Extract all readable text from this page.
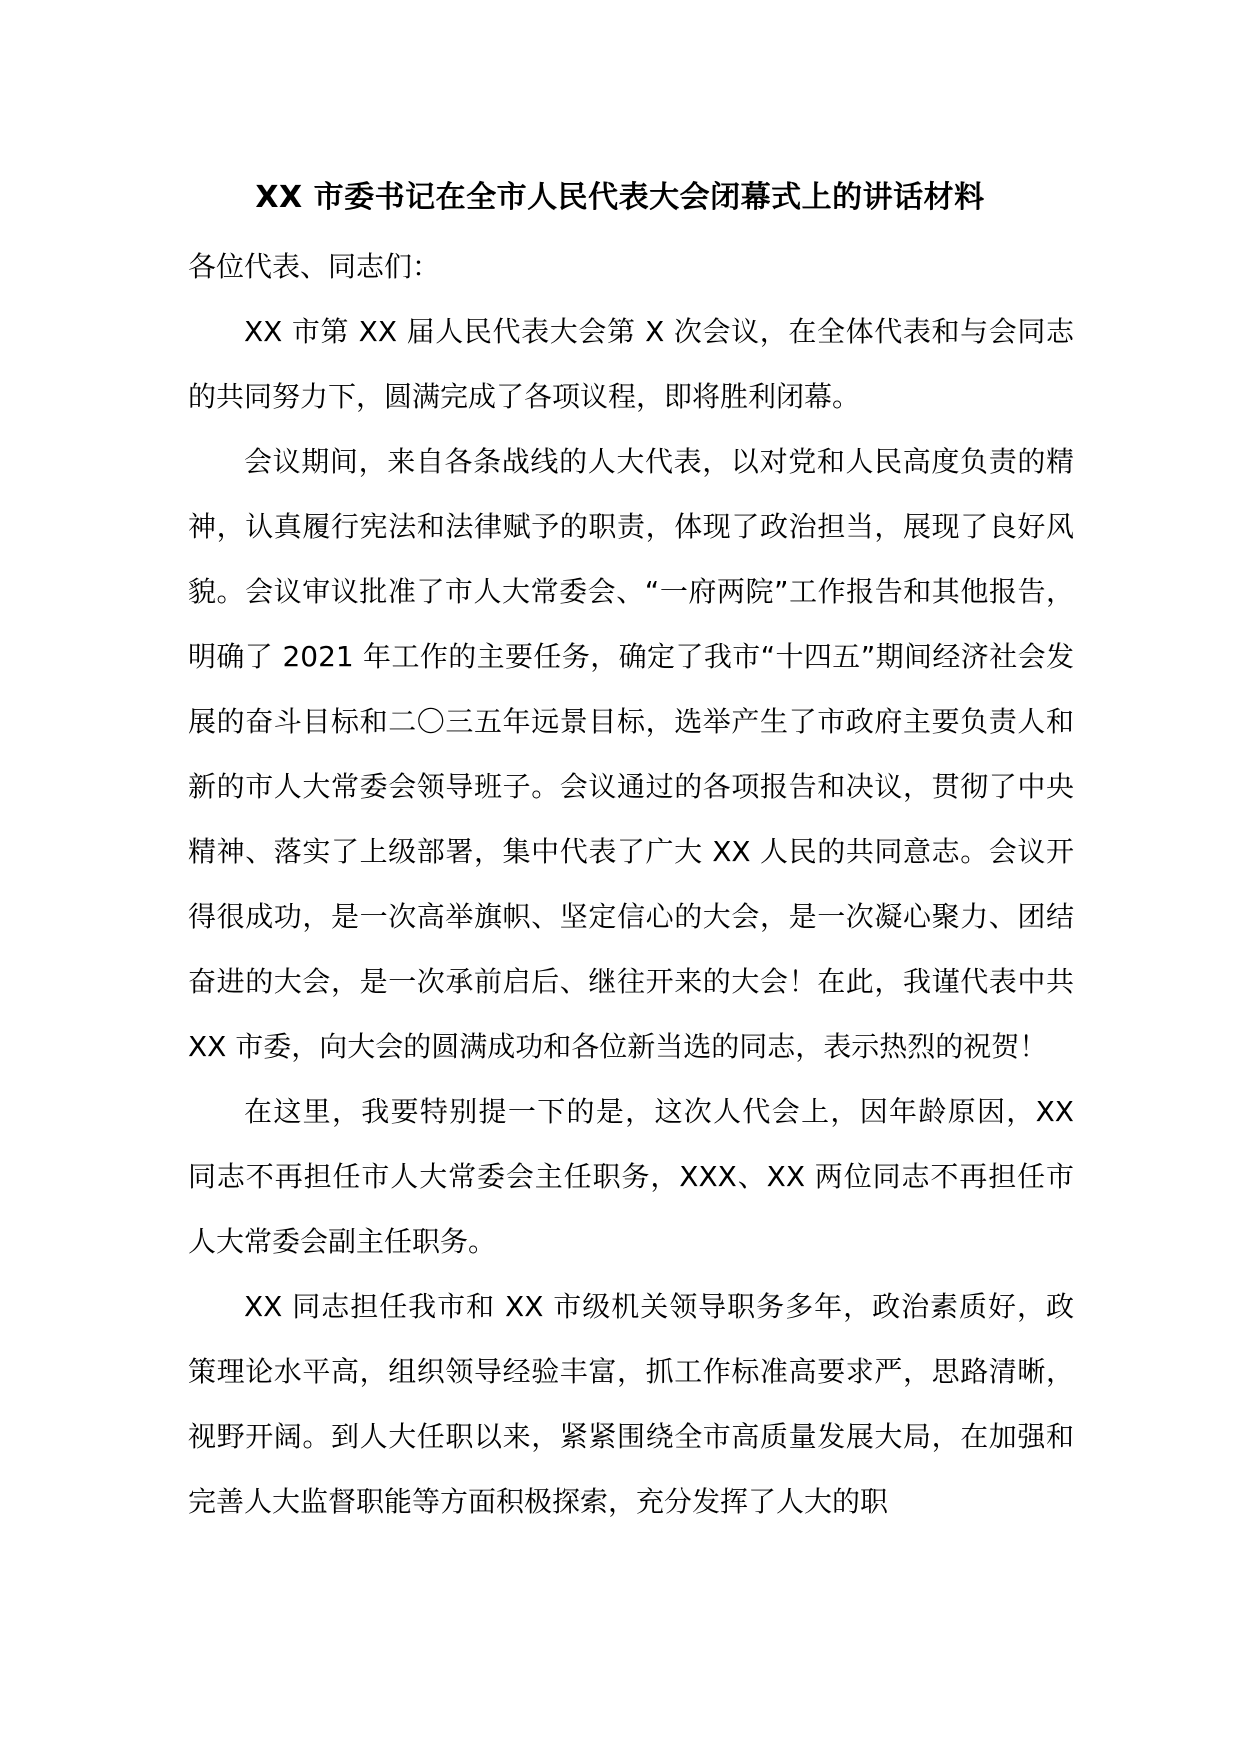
XX 市委书记在全市人民代表大会闭幕式上的讲话材料

各位代表、同志们：

XX 市第 XX 届人民代表大会第 X 次会议，在全体代表和与会同志的共同努力下，圆满完成了各项议程，即将胜利闭幕。

会议期间，来自各条战线的人大代表，以对党和人民高度负责的精神，认真履行宪法和法律赋予的职责，体现了政治担当，展现了良好风貌。会议审议批准了市人大常委会、“一府两院”工作报告和其他报告，明确了 2021 年工作的主要任务，确定了我市“十四五”期间经济社会发展的奋斗目标和二〇三五年远景目标，选举产生了市政府主要负责人和新的市人大常委会领导班子。会议通过的各项报告和决议，贯彻了中央精神、落实了上级部署，集中代表了广大 XX 人民的共同意志。会议开得很成功，是一次高举旗帜、坚定信心的大会，是一次凝心聚力、团结奋进的大会，是一次承前启后、继往开来的大会！在此，我谨代表中共 XX 市委，向大会的圆满成功和各位新当选的同志，表示热烈的祝贺！

在这里，我要特别提一下的是，这次人代会上，因年龄原因，XX 同志不再担任市人大常委会主任职务，XXX、XX 两位同志不再担任市人大常委会副主任职务。

XX 同志担任我市和 XX 市级机关领导职务多年，政治素质好，政策理论水平高，组织领导经验丰富，抓工作标准高要求严，思路清晰，视野开阔。到人大任职以来，紧紧围绕全市高质量发展大局，在加强和完善人大监督职能等方面积极探索，充分发挥了人大的职
